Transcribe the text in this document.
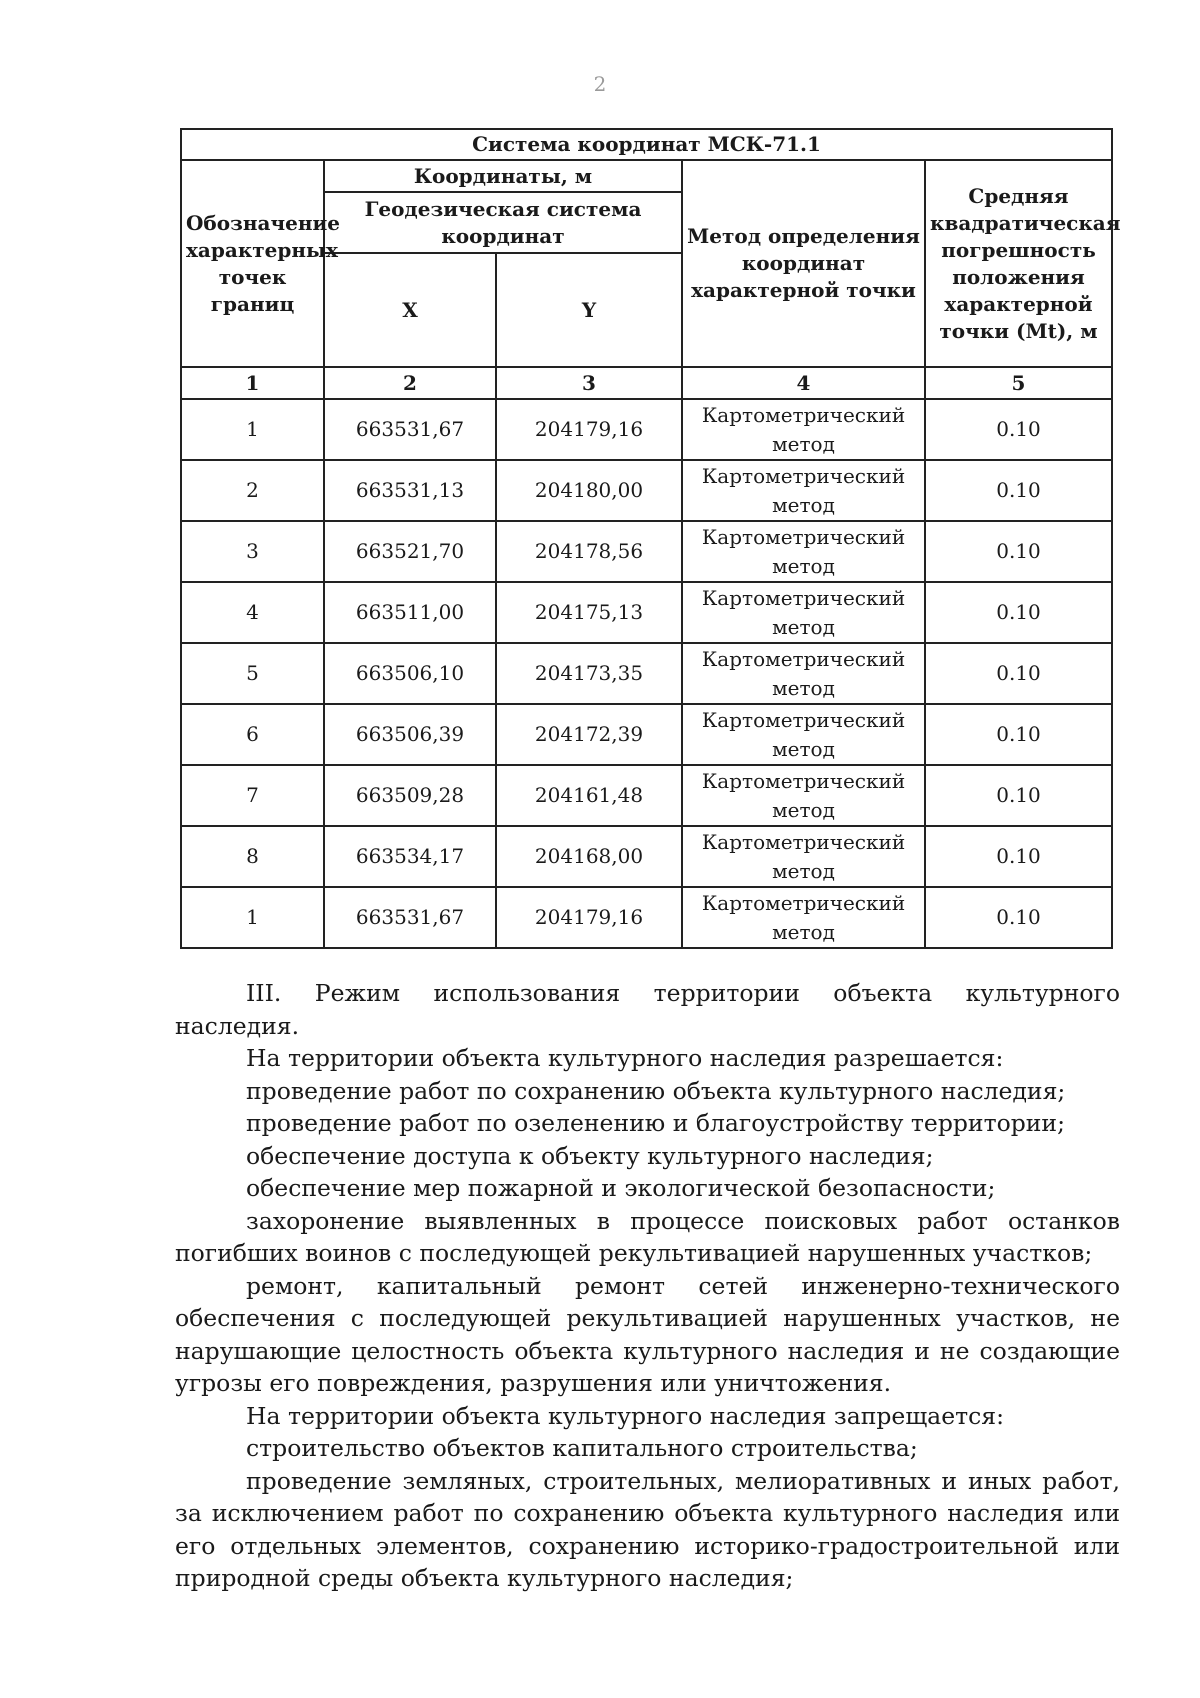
2
Система координат МСК-71.1				
Обозначение характерных точек границ	Координаты, м		Метод определения координат характерной точки	Средняя квадратическая погрешность положения характерной точки (Mt), м
	Геодезическая система координат			
	X	Y		
1	2	3	4	5
1	663531,67	204179,16	Картометрический метод	0.10
2	663531,13	204180,00	Картометрический метод	0.10
3	663521,70	204178,56	Картометрический метод	0.10
4	663511,00	204175,13	Картометрический метод	0.10
5	663506,10	204173,35	Картометрический метод	0.10
6	663506,39	204172,39	Картометрический метод	0.10
7	663509,28	204161,48	Картометрический метод	0.10
8	663534,17	204168,00	Картометрический метод	0.10
1	663531,67	204179,16	Картометрический метод	0.10

III. Режим использования территории объекта культурного наследия.

На территории объекта культурного наследия разрешается:

проведение работ по сохранению объекта культурного наследия;

проведение работ по озеленению и благоустройству территории;

обеспечение доступа к объекту культурного наследия;

обеспечение мер пожарной и экологической безопасности;

захоронение выявленных в процессе поисковых работ останков погибших воинов с последующей рекультивацией нарушенных участков;

ремонт, капитальный ремонт сетей инженерно-технического обеспечения с последующей рекультивацией нарушенных участков, не нарушающие целостность объекта культурного наследия и не создающие угрозы его повреждения, разрушения или уничтожения.

На территории объекта культурного наследия запрещается:

строительство объектов капитального строительства;

проведение земляных, строительных, мелиоративных и иных работ, за исключением работ по сохранению объекта культурного наследия или его отдельных элементов, сохранению историко-градостроительной или природной среды объекта культурного наследия;
